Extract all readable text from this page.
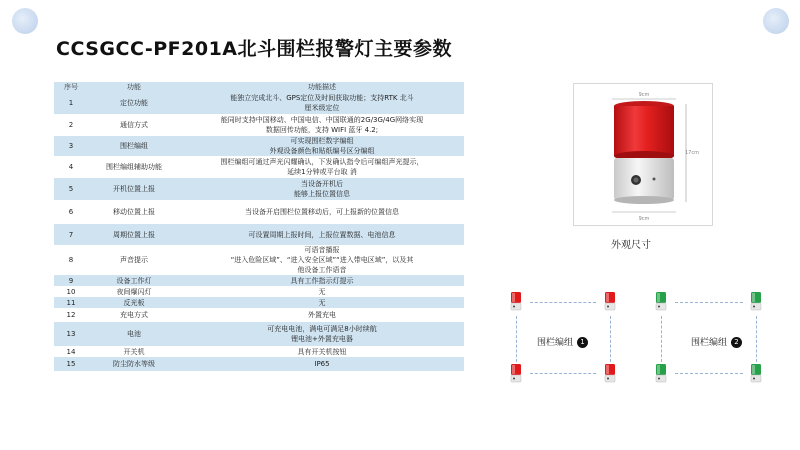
CCSGCC-PF201A北斗围栏报警灯主要参数
序号	功能	功能描述
1	定位功能	能独立完成北斗、GPS定位及时间获取功能；支持RTK 北斗
厘米级定位

2	通信方式	能同时支持中国移动、中国电信、中国联通的2G/3G/4G网络实现
数据回传功能，支持 WIFI 蓝牙 4.2;

3	围栏编组	可实现围栏数字编组
外观设备颜色和贴纸编号区分编组

4	围栏编组辅助功能	围栏编组可通过声光闪耀确认，下发确认指令后可编组声光提示，
延续1分钟或平台取 消

5	开机位置上报	当设备开机后
能够上报位置信息

6	移动位置上报	当设备开启围栏位置移动后，可上报新的位置信息

7	周期位置上报	可设置周期上报时间，上报位置数据、电池信息

8	声音提示	可语音播报
“进入危险区域”、“进入安全区域”“进入带电区域”，以及其
他设备工作语音

9	设备工作灯	具有工作指示灯提示

10	夜间爆闪灯	无

11	反光板	无

12	充电方式	外置充电

13	电池	可充电电池，满电可满足8小时续航
锂电池+外置充电器

14	开关机	具有开关机按钮

15	防尘防水等级	IP65
9cm
17cm
9cm
外观尺寸
围栏编组 1	围栏编组 2
